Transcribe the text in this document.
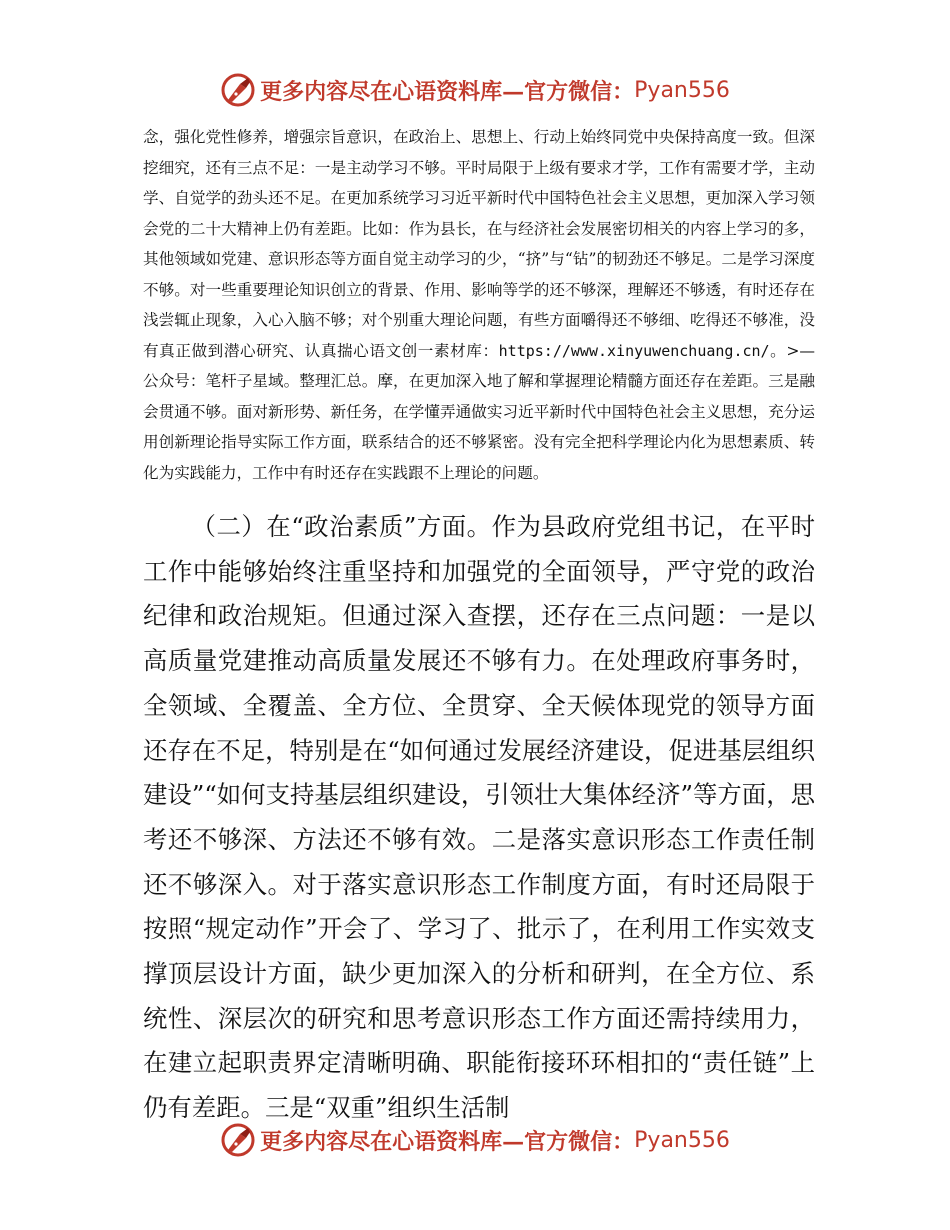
更多内容尽在心语资料库—官方微信： Pyan556
念，强化党性修养，增强宗旨意识，在政治上、思想上、行动上始终同党中央保持高度一致。但深挖细究，还有三点不足：一是主动学习不够。平时局限于上级有要求才学，工作有需要才学，主动学、自觉学的劲头还不足。在更加系统学习习近平新时代中国特色社会主义思想，更加深入学习领会党的二十大精神上仍有差距。比如：作为县长，在与经济社会发展密切相关的内容上学习的多，其他领域如党建、意识形态等方面自觉主动学习的少，“挤”与“钻”的韧劲还不够足。二是学习深度不够。对一些重要理论知识创立的背景、作用、影响等学的还不够深，理解还不够透，有时还存在浅尝辄止现象，入心入脑不够；对个别重大理论问题，有些方面嚼得还不够细、吃得还不够准，没有真正做到潜心研究、认真揣心语文创一素材库：https://www.xinyuwenchuang.cn/。>—公众号：笔杆子星域。整理汇总。摩，在更加深入地了解和掌握理论精髓方面还存在差距。三是融会贯通不够。面对新形势、新任务，在学懂弄通做实习近平新时代中国特色社会主义思想，充分运用创新理论指导实际工作方面，联系结合的还不够紧密。没有完全把科学理论内化为思想素质、转化为实践能力，工作中有时还存在实践跟不上理论的问题。
（二）在“政治素质”方面。作为县政府党组书记，在平时工作中能够始终注重坚持和加强党的全面领导，严守党的政治纪律和政治规矩。但通过深入查摆，还存在三点问题：一是以高质量党建推动高质量发展还不够有力。在处理政府事务时，全领域、全覆盖、全方位、全贯穿、全天候体现党的领导方面还存在不足，特别是在“如何通过发展经济建设，促进基层组织建设”“如何支持基层组织建设，引领壮大集体经济”等方面，思考还不够深、方法还不够有效。二是落实意识形态工作责任制还不够深入。对于落实意识形态工作制度方面，有时还局限于按照“规定动作”开会了、学习了、批示了，在利用工作实效支撑顶层设计方面，缺少更加深入的分析和研判，在全方位、系统性、深层次的研究和思考意识形态工作方面还需持续用力，在建立起职责界定清晰明确、职能衔接环环相扣的“责任链”上仍有差距。三是“双重”组织生活制
更多内容尽在心语资料库—官方微信： Pyan556
